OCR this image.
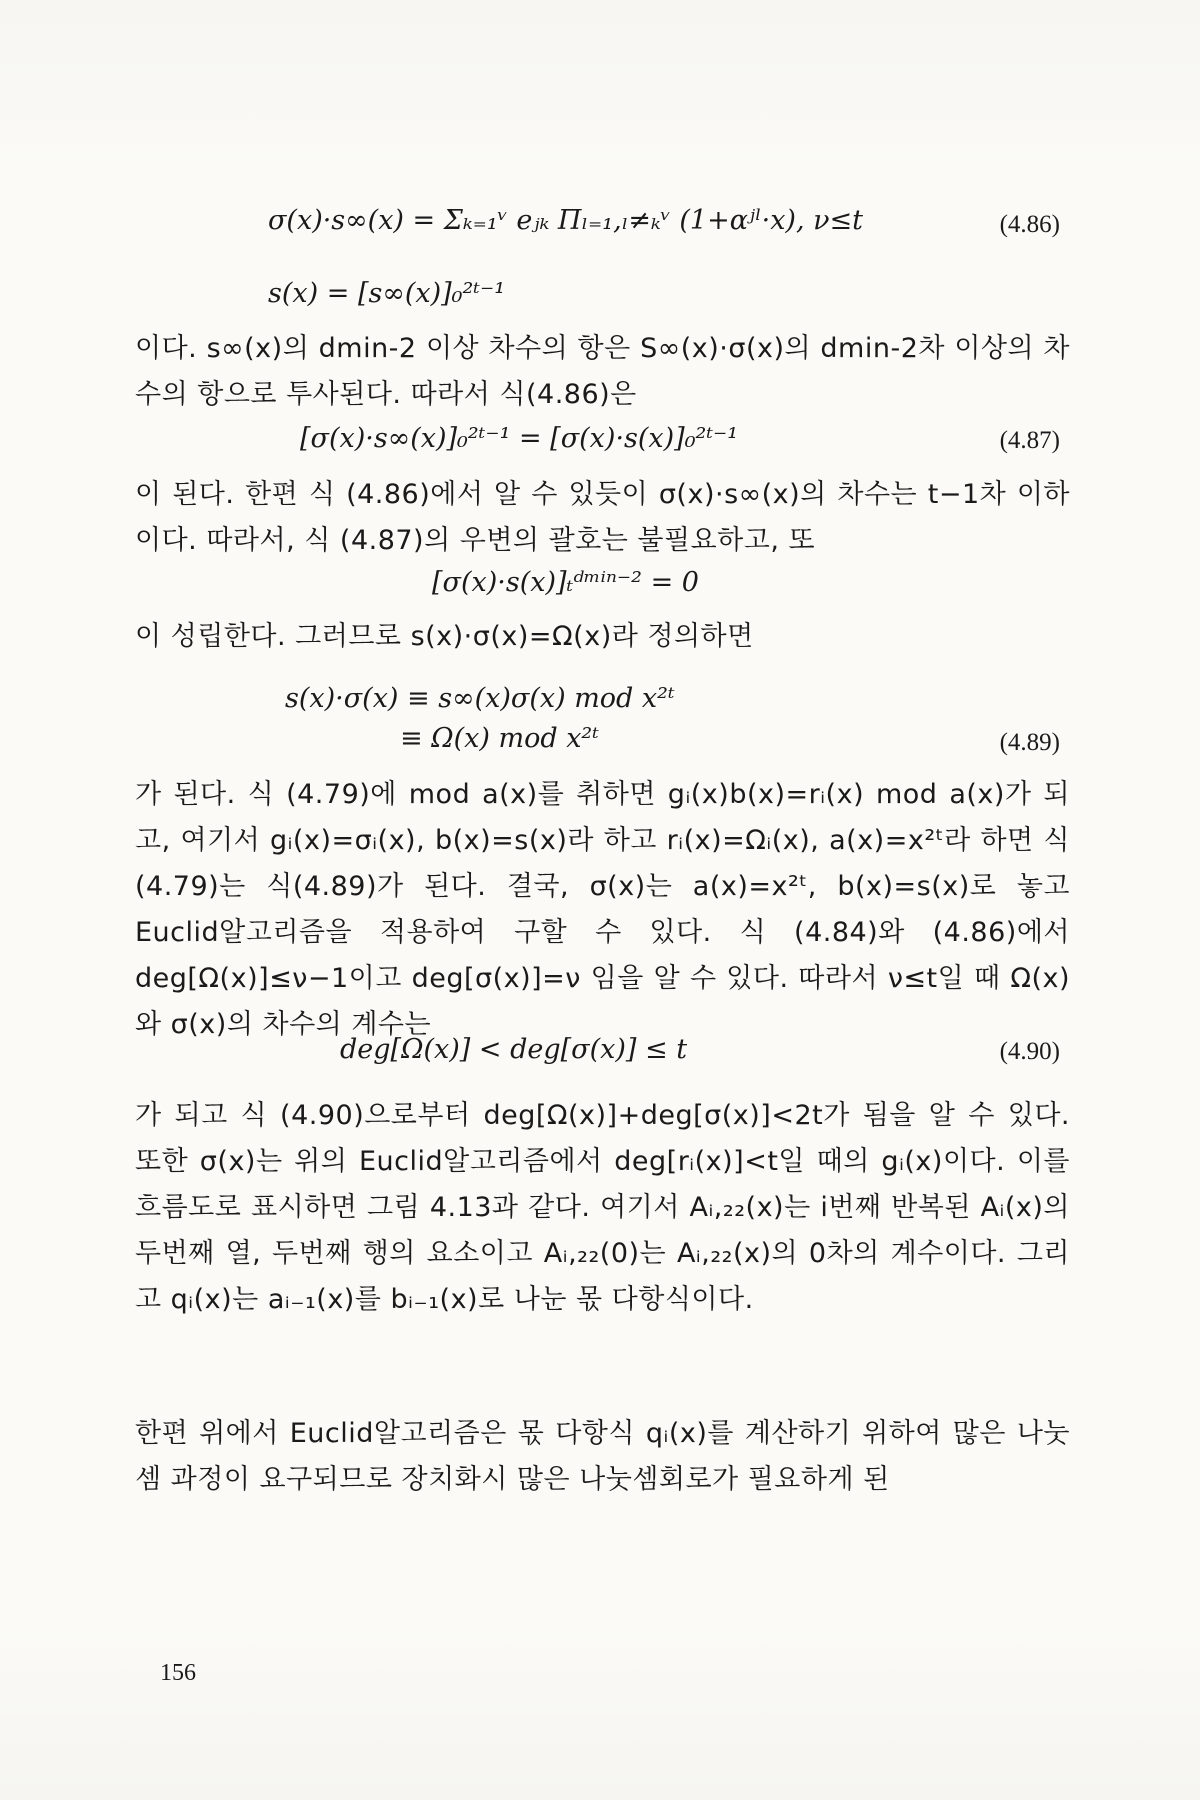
σ(x)·s∞(x) = Σₖ₌₁ᵛ eⱼₖ Πₗ₌₁,ₗ≠ₖᵛ (1+αʲˡ·x), ν≤t	(4.86)
s(x) = [s∞(x)]₀²ᵗ⁻¹

이다. s∞(x)의 dmin-2 이상 차수의 항은 S∞(x)·σ(x)의 dmin-2차 이상의 차수의 항으로 투사된다. 따라서 식(4.86)은

[σ(x)·s∞(x)]₀²ᵗ⁻¹ = [σ(x)·s(x)]₀²ᵗ⁻¹	(4.87)

이 된다. 한편 식 (4.86)에서 알 수 있듯이 σ(x)·s∞(x)의 차수는 t−1차 이하이다. 따라서, 식 (4.87)의 우변의 괄호는 불필요하고, 또

[σ(x)·s(x)]ₜᵈᵐⁱⁿ⁻² = 0

이 성립한다. 그러므로 s(x)·σ(x)=Ω(x)라 정의하면

s(x)·σ(x) ≡ s∞(x)σ(x) mod x²ᵗ
≡ Ω(x) mod x²ᵗ	(4.89)

가 된다. 식 (4.79)에 mod a(x)를 취하면 gᵢ(x)b(x)=rᵢ(x) mod a(x)가 되고, 여기서 gᵢ(x)=σᵢ(x), b(x)=s(x)라 하고 rᵢ(x)=Ωᵢ(x), a(x)=x²ᵗ라 하면 식(4.79)는 식(4.89)가 된다. 결국, σ(x)는 a(x)=x²ᵗ, b(x)=s(x)로 놓고 Euclid알고리즘을 적용하여 구할 수 있다. 식 (4.84)와 (4.86)에서 deg[Ω(x)]≤ν−1이고 deg[σ(x)]=ν 임을 알 수 있다. 따라서 ν≤t일 때 Ω(x)와 σ(x)의 차수의 계수는

deg[Ω(x)] < deg[σ(x)] ≤ t	(4.90)

가 되고 식 (4.90)으로부터 deg[Ω(x)]+deg[σ(x)]<2t가 됨을 알 수 있다. 또한 σ(x)는 위의 Euclid알고리즘에서 deg[rᵢ(x)]<t일 때의 gᵢ(x)이다. 이를 흐름도로 표시하면 그림 4.13과 같다. 여기서 Aᵢ,₂₂(x)는 i번째 반복된 Aᵢ(x)의 두번째 열, 두번째 행의 요소이고 Aᵢ,₂₂(0)는 Aᵢ,₂₂(x)의 0차의 계수이다. 그리고 qᵢ(x)는 aᵢ₋₁(x)를 bᵢ₋₁(x)로 나눈 몫 다항식이다.

한편 위에서 Euclid알고리즘은 몫 다항식 qᵢ(x)를 계산하기 위하여 많은 나눗셈 과정이 요구되므로 장치화시 많은 나눗셈회로가 필요하게 된

156
